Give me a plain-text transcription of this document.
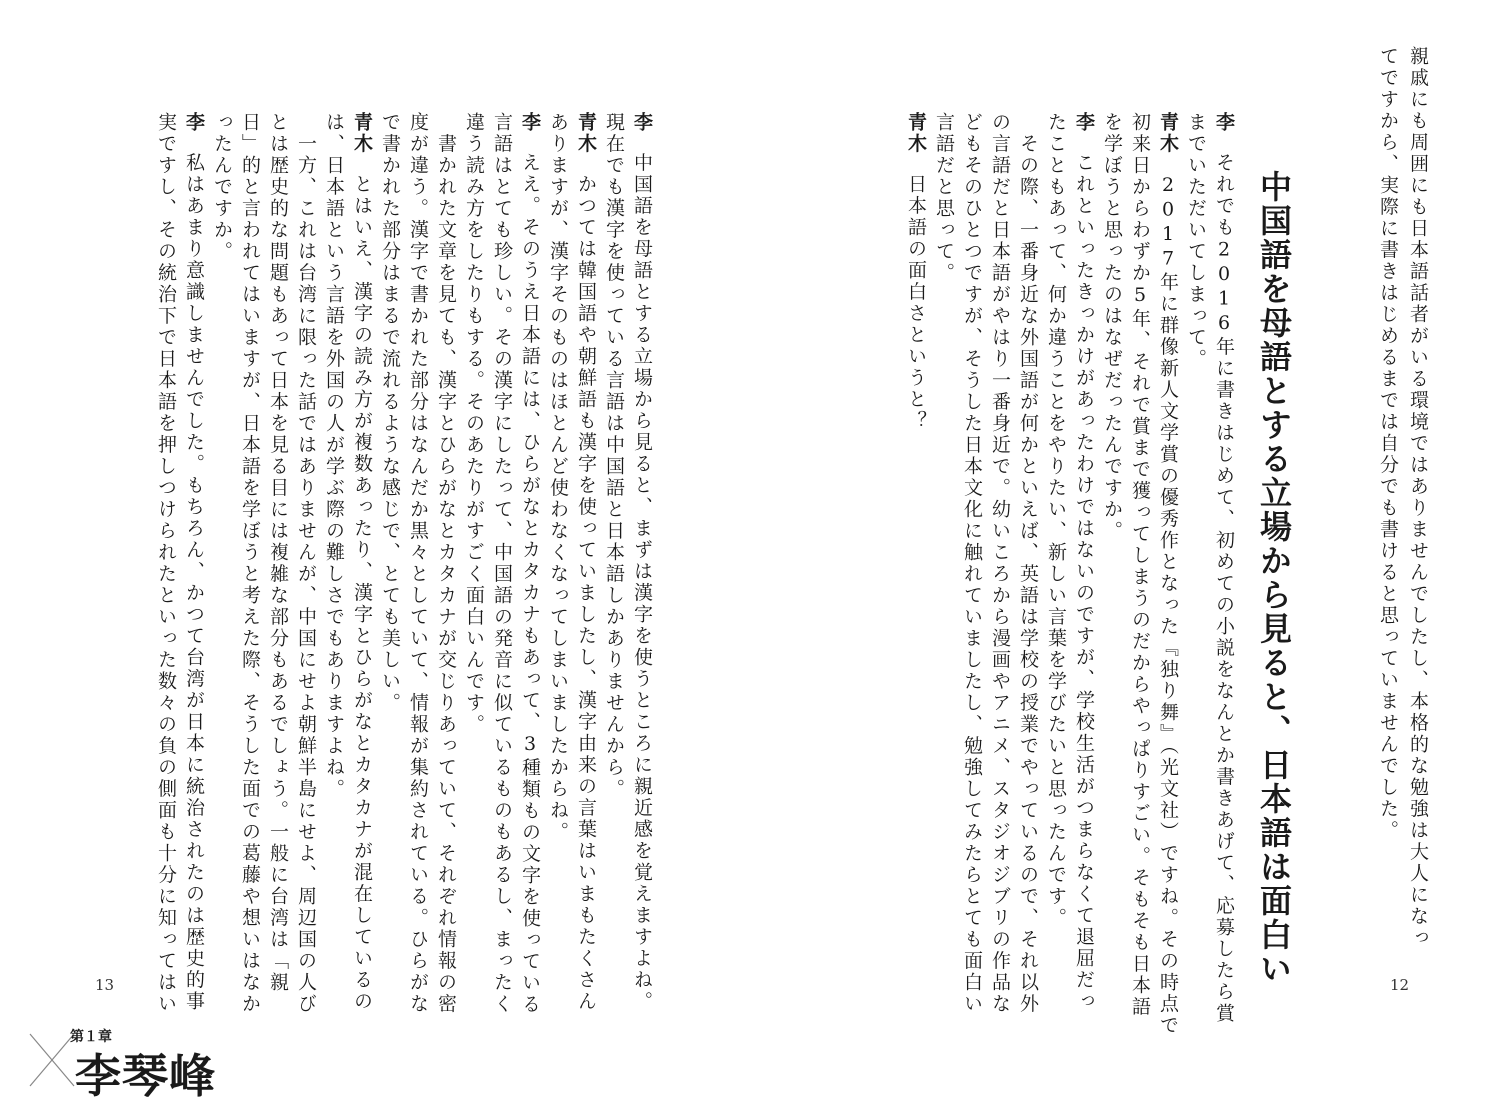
親戚にも周囲にも日本語話者がいる環境ではありませんでしたし、本格的な勉強は大人になっ
てですから、実際に書きはじめるまでは自分でも書けると思っていませんでした。
中国語を母語とする立場から見ると、日本語は面白い
李それでも2016年に書きはじめて、初めての小説をなんとか書きあげて、応募したら賞
までいただいてしまって。
青木2017年に群像新人文学賞の優秀作となった『独り舞』（光文社）ですね。その時点で
初来日からわずか5年、それで賞まで獲ってしまうのだからやっぱりすごい。そもそも日本語
を学ぼうと思ったのはなぜだったんですか。
李これといったきっかけがあったわけではないのですが、学校生活がつまらなくて退屈だっ
たこともあって、何か違うことをやりたい、新しい言葉を学びたいと思ったんです。
　その際、一番身近な外国語が何かといえば、英語は学校の授業でやっているので、それ以外
の言語だと日本語がやはり一番身近で。幼いころから漫画やアニメ、スタジオジブリの作品な
どもそのひとつですが、そうした日本文化に触れていましたし、勉強してみたらとても面白い
言語だと思って。
青木日本語の面白さというと？
12
李中国語を母語とする立場から見ると、まずは漢字を使うところに親近感を覚えますよね。
現在でも漢字を使っている言語は中国語と日本語しかありませんから。
青木かつては韓国語や朝鮮語も漢字を使っていましたし、漢字由来の言葉はいまもたくさん
ありますが、漢字そのものはほとんど使わなくなってしまいましたからね。
李ええ。そのうえ日本語には、ひらがなとカタカナもあって、3種類もの文字を使っている
言語はとても珍しい。その漢字にしたって、中国語の発音に似ているものもあるし、まったく
違う読み方をしたりもする。そのあたりがすごく面白いんです。
　書かれた文章を見ても、漢字とひらがなとカタカナが交じりあっていて、それぞれ情報の密
度が違う。漢字で書かれた部分はなんだか黒々としていて、情報が集約されている。ひらがな
で書かれた部分はまるで流れるような感じで、とても美しい。
青木とはいえ、漢字の読み方が複数あったり、漢字とひらがなとカタカナが混在しているの
は、日本語という言語を外国の人が学ぶ際の難しさでもありますよね。
　一方、これは台湾に限った話ではありませんが、中国にせよ朝鮮半島にせよ、周辺国の人び
とは歴史的な問題もあって日本を見る目には複雑な部分もあるでしょう。一般に台湾は「親
日」的と言われてはいますが、日本語を学ぼうと考えた際、そうした面での葛藤や想いはなか
ったんですか。
李私はあまり意識しませんでした。もちろん、かつて台湾が日本に統治されたのは歴史的事
実ですし、その統治下で日本語を押しつけられたといった数々の負の側面も十分に知ってはい
13
第１章
李琴峰
